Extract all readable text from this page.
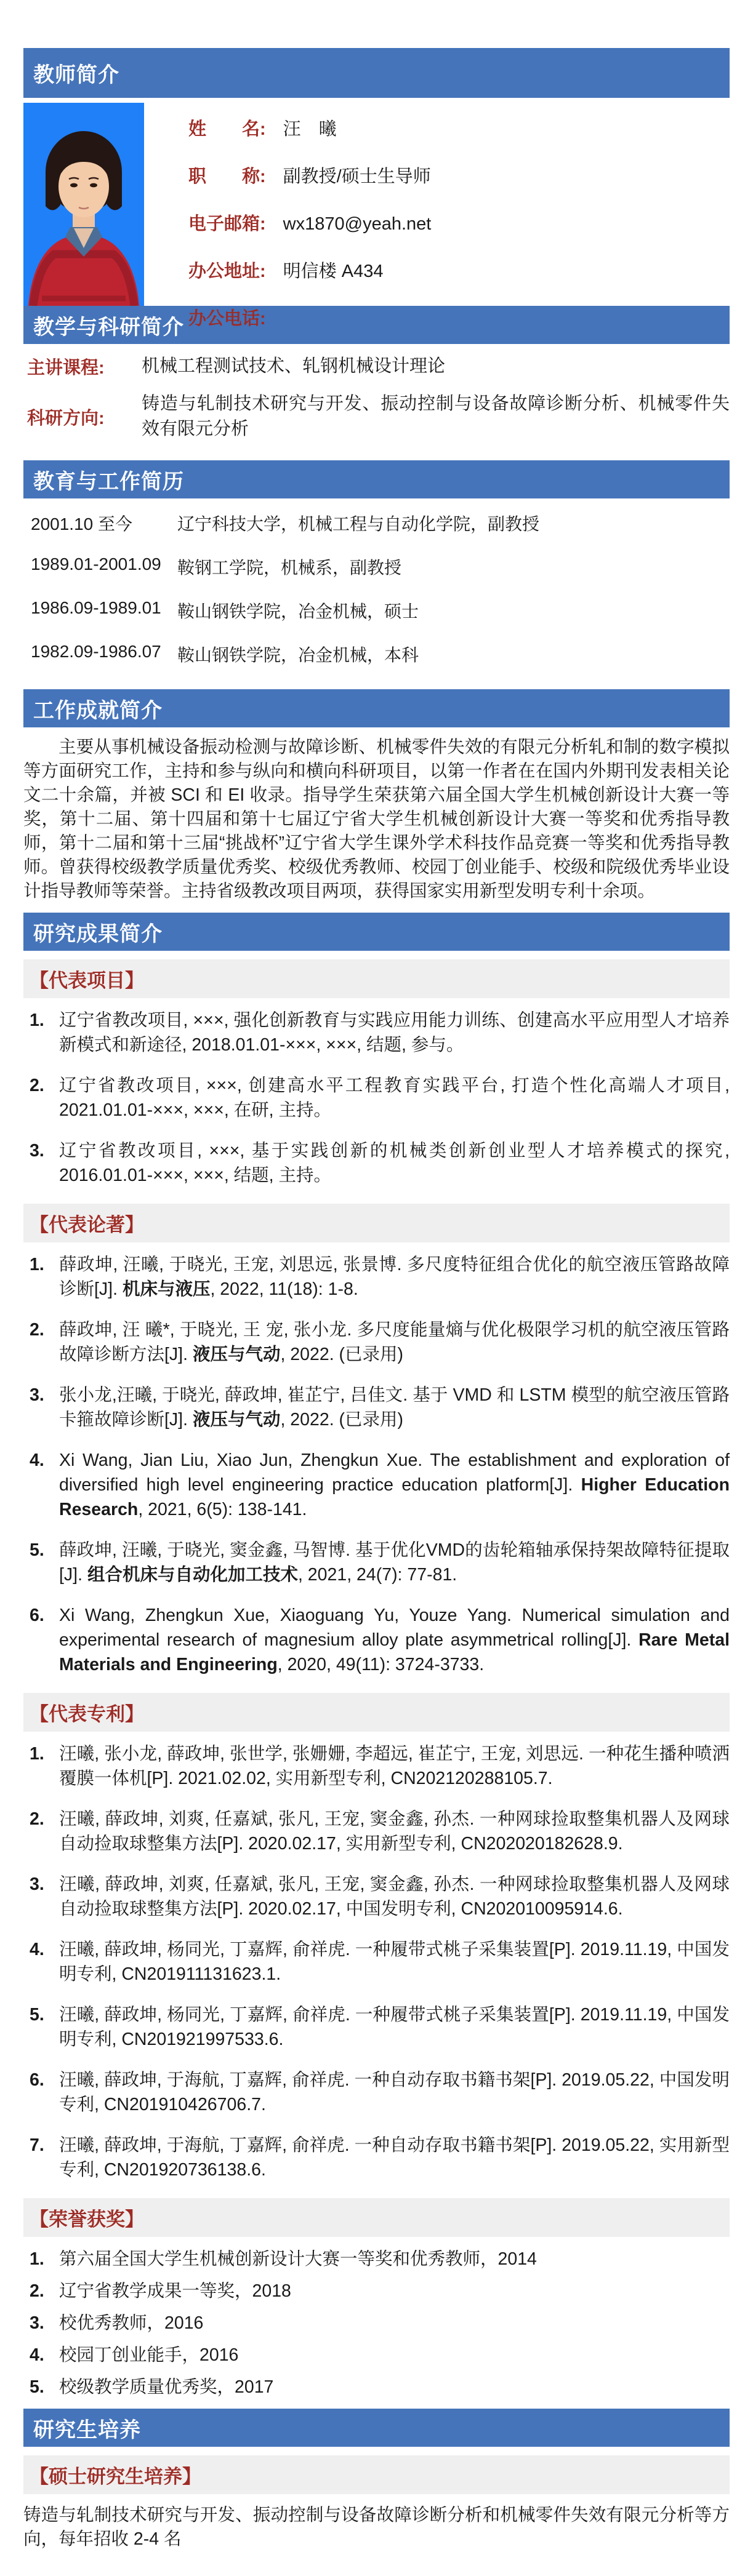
教师简介
姓　　名: 汪　曦
职　　称: 副教授/硕士生导师
电子邮箱: wx1870@yeah.net
办公地址: 明信楼 A434
办公电话:
教学与科研简介
主讲课程:	机械工程测试技术、轧钢机械设计理论
科研方向:
铸造与轧制技术研究与开发、振动控制与设备故障诊断分析、机械零件失效有限元分析
教育与工作简历
2001.10 至今	辽宁科技大学，机械工程与自动化学院，副教授
1989.01-2001.09 鞍钢工学院，机械系，副教授
1986.09-1989.01 鞍山钢铁学院，冶金机械，硕士
1982.09-1986.07 鞍山钢铁学院，冶金机械，本科
工作成就简介

主要从事机械设备振动检测与故障诊断、机械零件失效的有限元分析轧和制的数字模拟等方面研究工作，主持和参与纵向和横向科研项目，以第一作者在在国内外期刊发表相关论文二十余篇，并被 SCI 和 EI 收录。指导学生荣获第六届全国大学生机械创新设计大赛一等奖，第十二届、第十四届和第十七届辽宁省大学生机械创新设计大赛一等奖和优秀指导教师，第十二届和第十三届“挑战杯”辽宁省大学生课外学术科技作品竞赛一等奖和优秀指导教师。曾获得校级教学质量优秀奖、校级优秀教师、校园丁创业能手、校级和院级优秀毕业设计指导教师等荣誉。主持省级教改项目两项，获得国家实用新型发明专利十余项。

研究成果简介
【代表项目】
1. 辽宁省教改项目, ×××, 强化创新教育与实践应用能力训练、创建高水平应用型人才培养新模式和新途径, 2018.01.01-×××, ×××, 结题, 参与。
2. 辽宁省教改项目, ×××, 创建高水平工程教育实践平台, 打造个性化高端人才项目, 2021.01.01-×××, ×××, 在研, 主持。
3. 辽宁省教改项目, ×××, 基于实践创新的机械类创新创业型人才培养模式的探究, 2016.01.01-×××, ×××, 结题, 主持。
【代表论著】
1. 薛政坤, 汪曦, 于晓光, 王宠, 刘思远, 张景博. 多尺度特征组合优化的航空液压管路故障诊断[J]. 机床与液压, 2022, 11(18): 1-8.
2. 薛政坤, 汪 曦*, 于晓光, 王 宠, 张小龙. 多尺度能量熵与优化极限学习机的航空液压管路故障诊断方法[J]. 液压与气动, 2022. (已录用)
3. 张小龙,汪曦, 于晓光, 薛政坤, 崔芷宁, 吕佳文. 基于 VMD 和 LSTM 模型的航空液压管路卡箍故障诊断[J]. 液压与气动, 2022. (已录用)
4. Xi Wang, Jian Liu, Xiao Jun, Zhengkun Xue. The establishment and exploration of diversified high level engineering practice education platform[J]. Higher Education Research, 2021, 6(5): 138-141.
5. 薛政坤, 汪曦, 于晓光, 窦金鑫, 马智博. 基于优化VMD的齿轮箱轴承保持架故障特征提取[J]. 组合机床与自动化加工技术, 2021, 24(7): 77-81.
6. Xi Wang, Zhengkun Xue, Xiaoguang Yu, Youze Yang. Numerical simulation and experimental research of magnesium alloy plate asymmetrical rolling[J]. Rare Metal Materials and Engineering, 2020, 49(11): 3724-3733.
【代表专利】
1. 汪曦, 张小龙, 薛政坤, 张世学, 张姗姗, 李超远, 崔芷宁, 王宠, 刘思远. 一种花生播种喷洒覆膜一体机[P]. 2021.02.02, 实用新型专利, CN202120288105.7.
2. 汪曦, 薛政坤, 刘爽, 任嘉斌, 张凡, 王宠, 窦金鑫, 孙杰. 一种网球捡取整集机器人及网球自动捡取球整集方法[P]. 2020.02.17, 实用新型专利, CN202020182628.9.
3. 汪曦, 薛政坤, 刘爽, 任嘉斌, 张凡, 王宠, 窦金鑫, 孙杰. 一种网球捡取整集机器人及网球自动捡取球整集方法[P]. 2020.02.17, 中国发明专利, CN202010095914.6.
4. 汪曦, 薛政坤, 杨同光, 丁嘉辉, 俞祥虎. 一种履带式桃子采集装置[P]. 2019.11.19, 中国发明专利, CN201911131623.1.
5. 汪曦, 薛政坤, 杨同光, 丁嘉辉, 俞祥虎. 一种履带式桃子采集装置[P]. 2019.11.19, 中国发明专利, CN201921997533.6.
6. 汪曦, 薛政坤, 于海航, 丁嘉辉, 俞祥虎. 一种自动存取书籍书架[P]. 2019.05.22, 中国发明专利, CN201910426706.7.
7. 汪曦, 薛政坤, 于海航, 丁嘉辉, 俞祥虎. 一种自动存取书籍书架[P]. 2019.05.22, 实用新型专利, CN201920736138.6.
【荣誉获奖】
1. 第六届全国大学生机械创新设计大赛一等奖和优秀教师，2014
2. 辽宁省教学成果一等奖，2018
3. 校优秀教师，2016
4. 校园丁创业能手，2016
5. 校级教学质量优秀奖，2017
研究生培养
【硕士研究生培养】

铸造与轧制技术研究与开发、振动控制与设备故障诊断分析和机械零件失效有限元分析等方向，每年招收 2-4 名
